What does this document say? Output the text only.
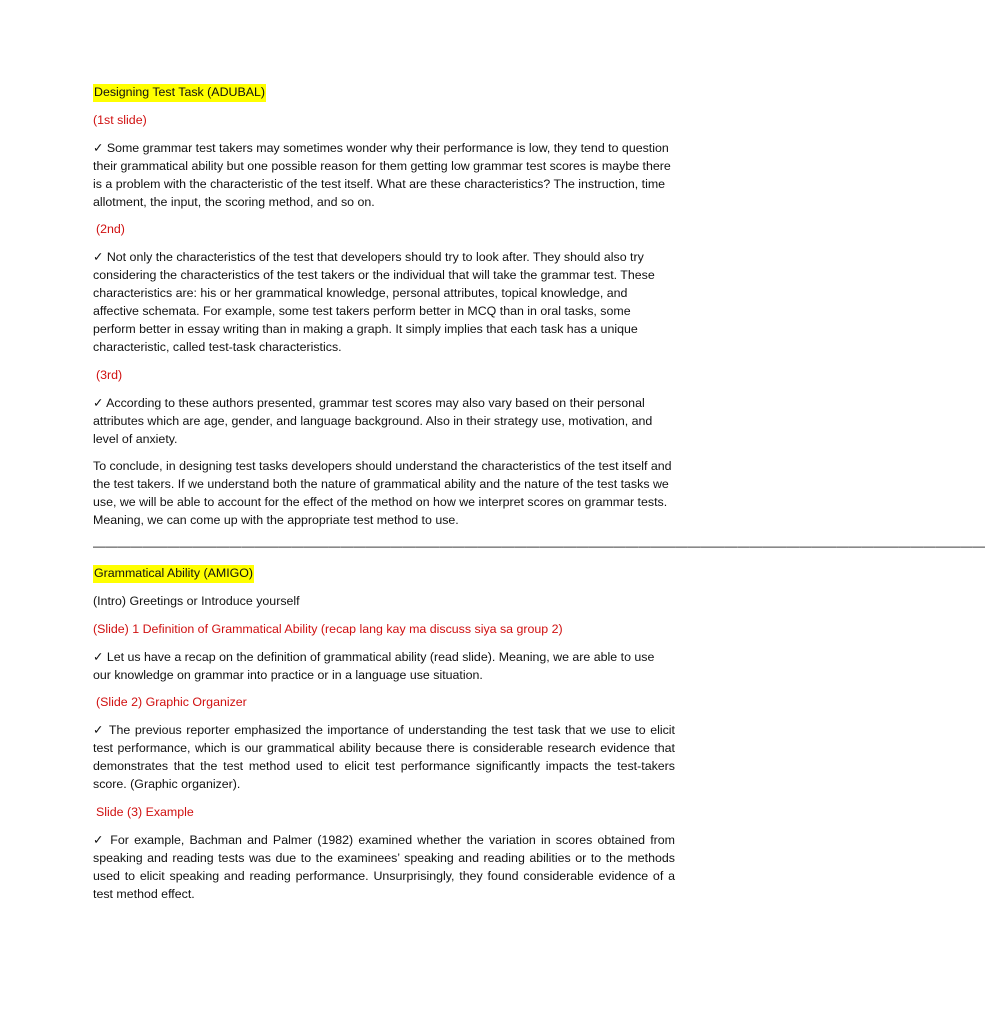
Designing Test Task (ADUBAL)
(1st slide)
✓ Some grammar test takers may sometimes wonder why their performance is low, they tend to question their grammatical ability but one possible reason for them getting low grammar test scores is maybe there is a problem with the characteristic of the test itself. What are these characteristics? The instruction, time allotment, the input, the scoring method, and so on.
(2nd)
✓ Not only the characteristics of the test that developers should try to look after. They should also try considering the characteristics of the test takers or the individual that will take the grammar test. These characteristics are: his or her grammatical knowledge, personal attributes, topical knowledge, and affective schemata. For example, some test takers perform better in MCQ than in oral tasks, some perform better in essay writing than in making a graph. It simply implies that each task has a unique characteristic, called test-task characteristics.
(3rd)
✓ According to these authors presented, grammar test scores may also vary based on their personal attributes which are age, gender, and language background. Also in their strategy use, motivation, and level of anxiety.
To conclude, in designing test tasks developers should understand the characteristics of the test itself and the test takers. If we understand both the nature of grammatical ability and the nature of the test tasks we use, we will be able to account for the effect of the method on how we interpret scores on grammar tests. Meaning, we can come up with the appropriate test method to use.
————————————————————————————————————————————————————————————————————————
Grammatical Ability (AMIGO)
(Intro) Greetings or Introduce yourself
(Slide) 1 Definition of Grammatical Ability (recap lang kay ma discuss siya sa group 2)
✓ Let us have a recap on the definition of grammatical ability (read slide). Meaning, we are able to use our knowledge on grammar into practice or in a language use situation.
(Slide 2) Graphic Organizer
✓ The previous reporter emphasized the importance of understanding the test task that we use to elicit test performance, which is our grammatical ability because there is considerable research evidence that demonstrates that the test method used to elicit test performance significantly impacts the test-takers score. (Graphic organizer).
Slide (3) Example
✓ For example, Bachman and Palmer (1982) examined whether the variation in scores obtained from speaking and reading tests was due to the examinees’ speaking and reading abilities or to the methods used to elicit speaking and reading performance. Unsurprisingly, they found considerable evidence of a test method effect.
